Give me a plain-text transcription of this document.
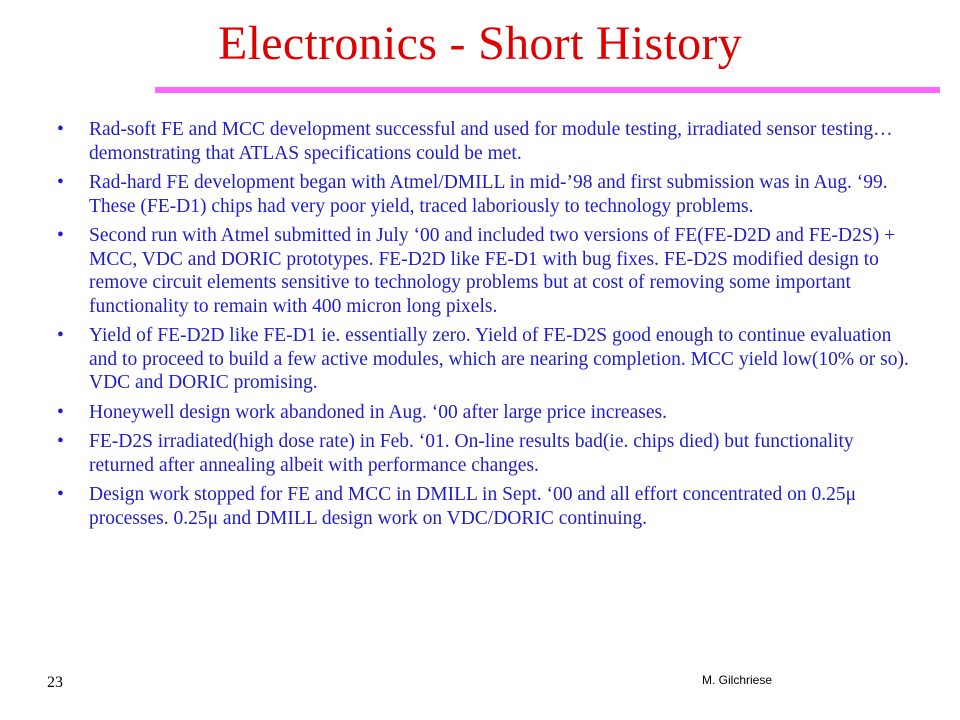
Electronics - Short History
•	Rad-soft FE and MCC development successful and used for module testing, irradiated sensor testing…demonstrating that ATLAS specifications could be met.
•	Rad-hard FE development began with Atmel/DMILL in mid-’98 and first submission was in Aug. ‘99. These (FE-D1) chips had very poor yield, traced laboriously to technology problems.
•	Second run with Atmel submitted in July ‘00 and included two versions of FE(FE-D2D and FE-D2S) + MCC, VDC and DORIC prototypes. FE-D2D like FE-D1 with bug fixes. FE-D2S modified design to remove circuit elements sensitive to technology problems but at cost of removing some important functionality to remain with 400 micron long pixels.
•	Yield of FE-D2D like FE-D1 ie. essentially zero. Yield of FE-D2S good enough to continue evaluation and to proceed to build a few active modules, which are nearing completion. MCC yield low(10% or so). VDC and DORIC promising.
•	Honeywell design work abandoned in Aug. ‘00 after large price increases.
•	FE-D2S irradiated(high dose rate) in Feb. ‘01. On-line results bad(ie. chips died) but functionality returned after annealing albeit with performance changes.
•	Design work stopped for FE and MCC in DMILL in Sept. ‘00 and all effort concentrated on 0.25μ processes. 0.25μ and DMILL design work on VDC/DORIC continuing.
23	M. Gilchriese
